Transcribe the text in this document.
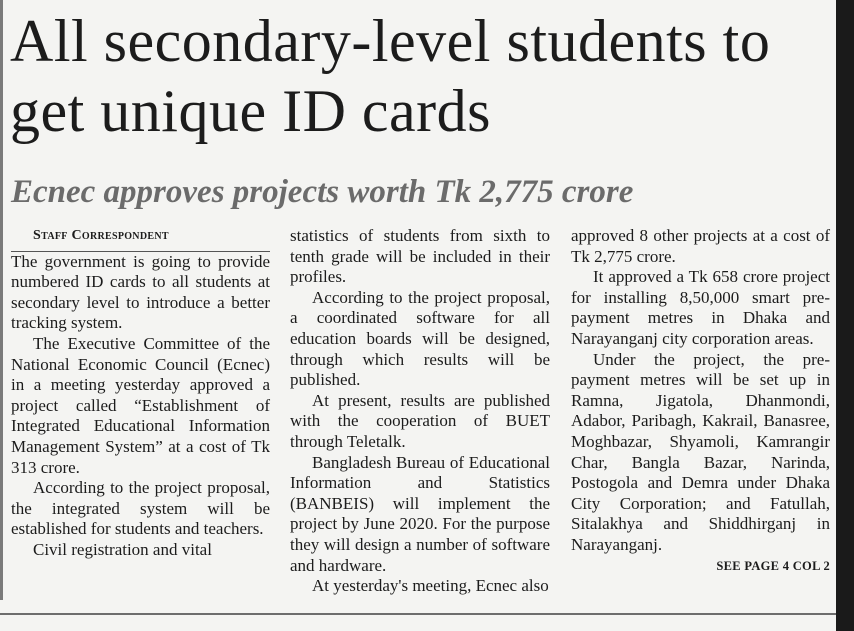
All secondary-level students to get unique ID cards
Ecnec approves projects worth Tk 2,775 crore

Staff Correspondent

The government is going to provide numbered ID cards to all students at secondary level to introduce a better tracking system.

The Executive Committee of the National Economic Council (Ecnec) in a meeting yesterday approved a project called “Establishment of Integrated Educational Information Management System” at a cost of Tk 313 crore.

According to the project proposal, the integrated system will be established for students and teachers.

Civil registration and vital

statistics of students from sixth to tenth grade will be included in their profiles.

According to the project proposal, a coordinated software for all education boards will be designed, through which results will be published.

At present, results are published with the cooperation of BUET through Teletalk.

Bangladesh Bureau of Educational Information and Statistics (BANBEIS) will implement the project by June 2020. For the purpose they will design a number of software and hardware.

At yesterday's meeting, Ecnec also

approved 8 other projects at a cost of Tk 2,775 crore.

It approved a Tk 658 crore project for installing 8,50,000 smart pre-payment metres in Dhaka and Narayanganj city corporation areas.

Under the project, the pre-payment metres will be set up in Ramna, Jigatola, Dhanmondi, Adabor, Paribagh, Kakrail, Banasree, Moghbazar, Shyamoli, Kamrangir Char, Bangla Bazar, Narinda, Postogola and Demra under Dhaka City Corporation; and Fatullah, Sitalakhya and Shiddhirganj in Narayanganj.

SEE PAGE 4 COL 2
